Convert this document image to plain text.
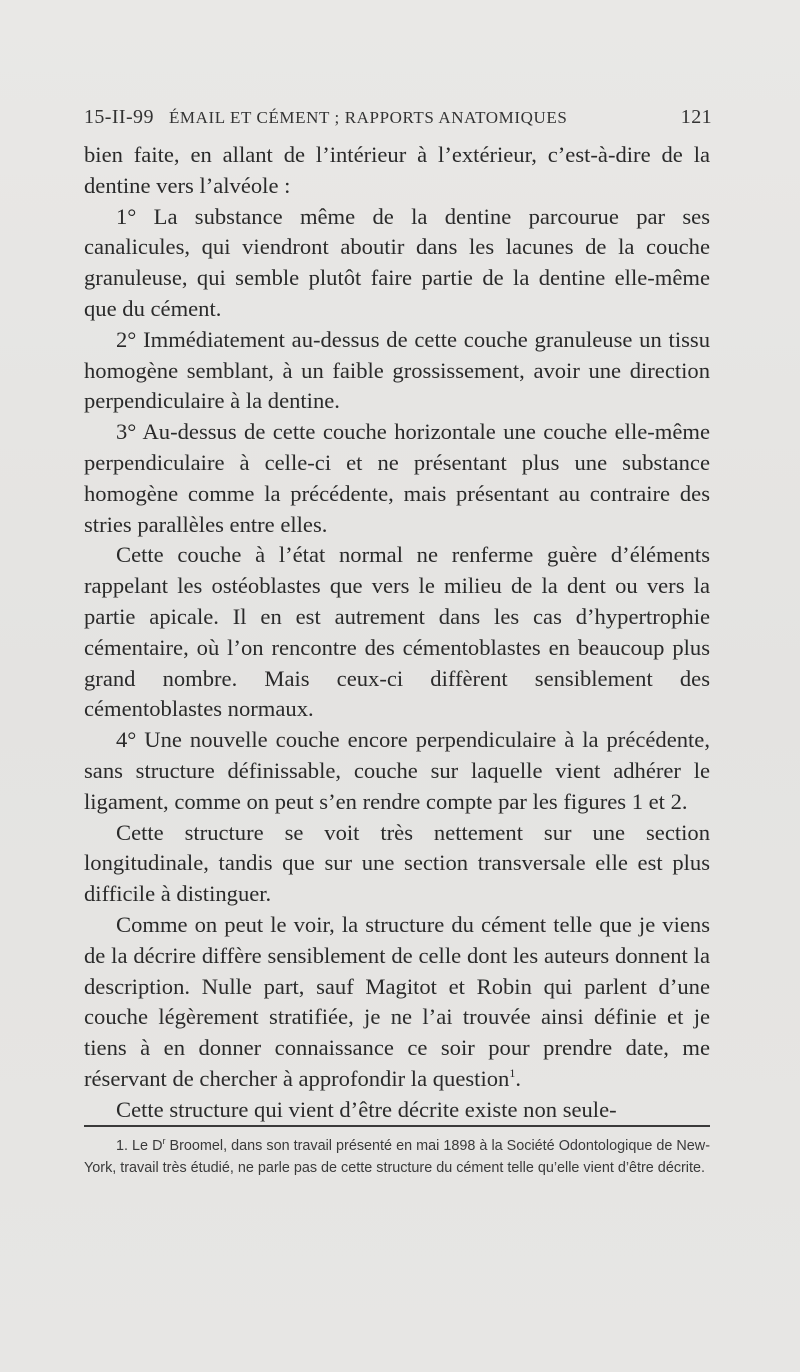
15-II-99 ÉMAIL ET CÉMENT ; RAPPORTS ANATOMIQUES	121

bien faite, en allant de l’intérieur à l’extérieur, c’est-à-dire de la dentine vers l’alvéole :

1° La substance même de la dentine parcourue par ses canalicules, qui viendront aboutir dans les lacunes de la couche granuleuse, qui semble plutôt faire partie de la dentine elle-même que du cément.

2° Immédiatement au-dessus de cette couche granuleuse un tissu homogène semblant, à un faible grossissement, avoir une direction perpendiculaire à la dentine.

3° Au-dessus de cette couche horizontale une couche elle-même perpendiculaire à celle-ci et ne présentant plus une substance homogène comme la précédente, mais présentant au contraire des stries parallèles entre elles.

Cette couche à l’état normal ne renferme guère d’éléments rappelant les ostéoblastes que vers le milieu de la dent ou vers la partie apicale. Il en est autrement dans les cas d’hypertrophie cémentaire, où l’on rencontre des cémentoblastes en beaucoup plus grand nombre. Mais ceux-ci diffèrent sensiblement des cémentoblastes normaux.

4° Une nouvelle couche encore perpendiculaire à la précédente, sans structure définissable, couche sur laquelle vient adhérer le ligament, comme on peut s’en rendre compte par les figures 1 et 2.

Cette structure se voit très nettement sur une section longitudinale, tandis que sur une section transversale elle est plus difficile à distinguer.

Comme on peut le voir, la structure du cément telle que je viens de la décrire diffère sensiblement de celle dont les auteurs donnent la description. Nulle part, sauf Magitot et Robin qui parlent d’une couche légèrement stratifiée, je ne l’ai trouvée ainsi définie et je tiens à en donner connaissance ce soir pour prendre date, me réservant de chercher à approfondir la question$^1$.

Cette structure qui vient d’être décrite existe non seule-

1. Le $D^r$ Broomel, dans son travail présenté en mai 1898 à la Société Odontologique de New-York, travail très étudié, ne parle pas de cette structure du cément telle qu’elle vient d’être décrite.
